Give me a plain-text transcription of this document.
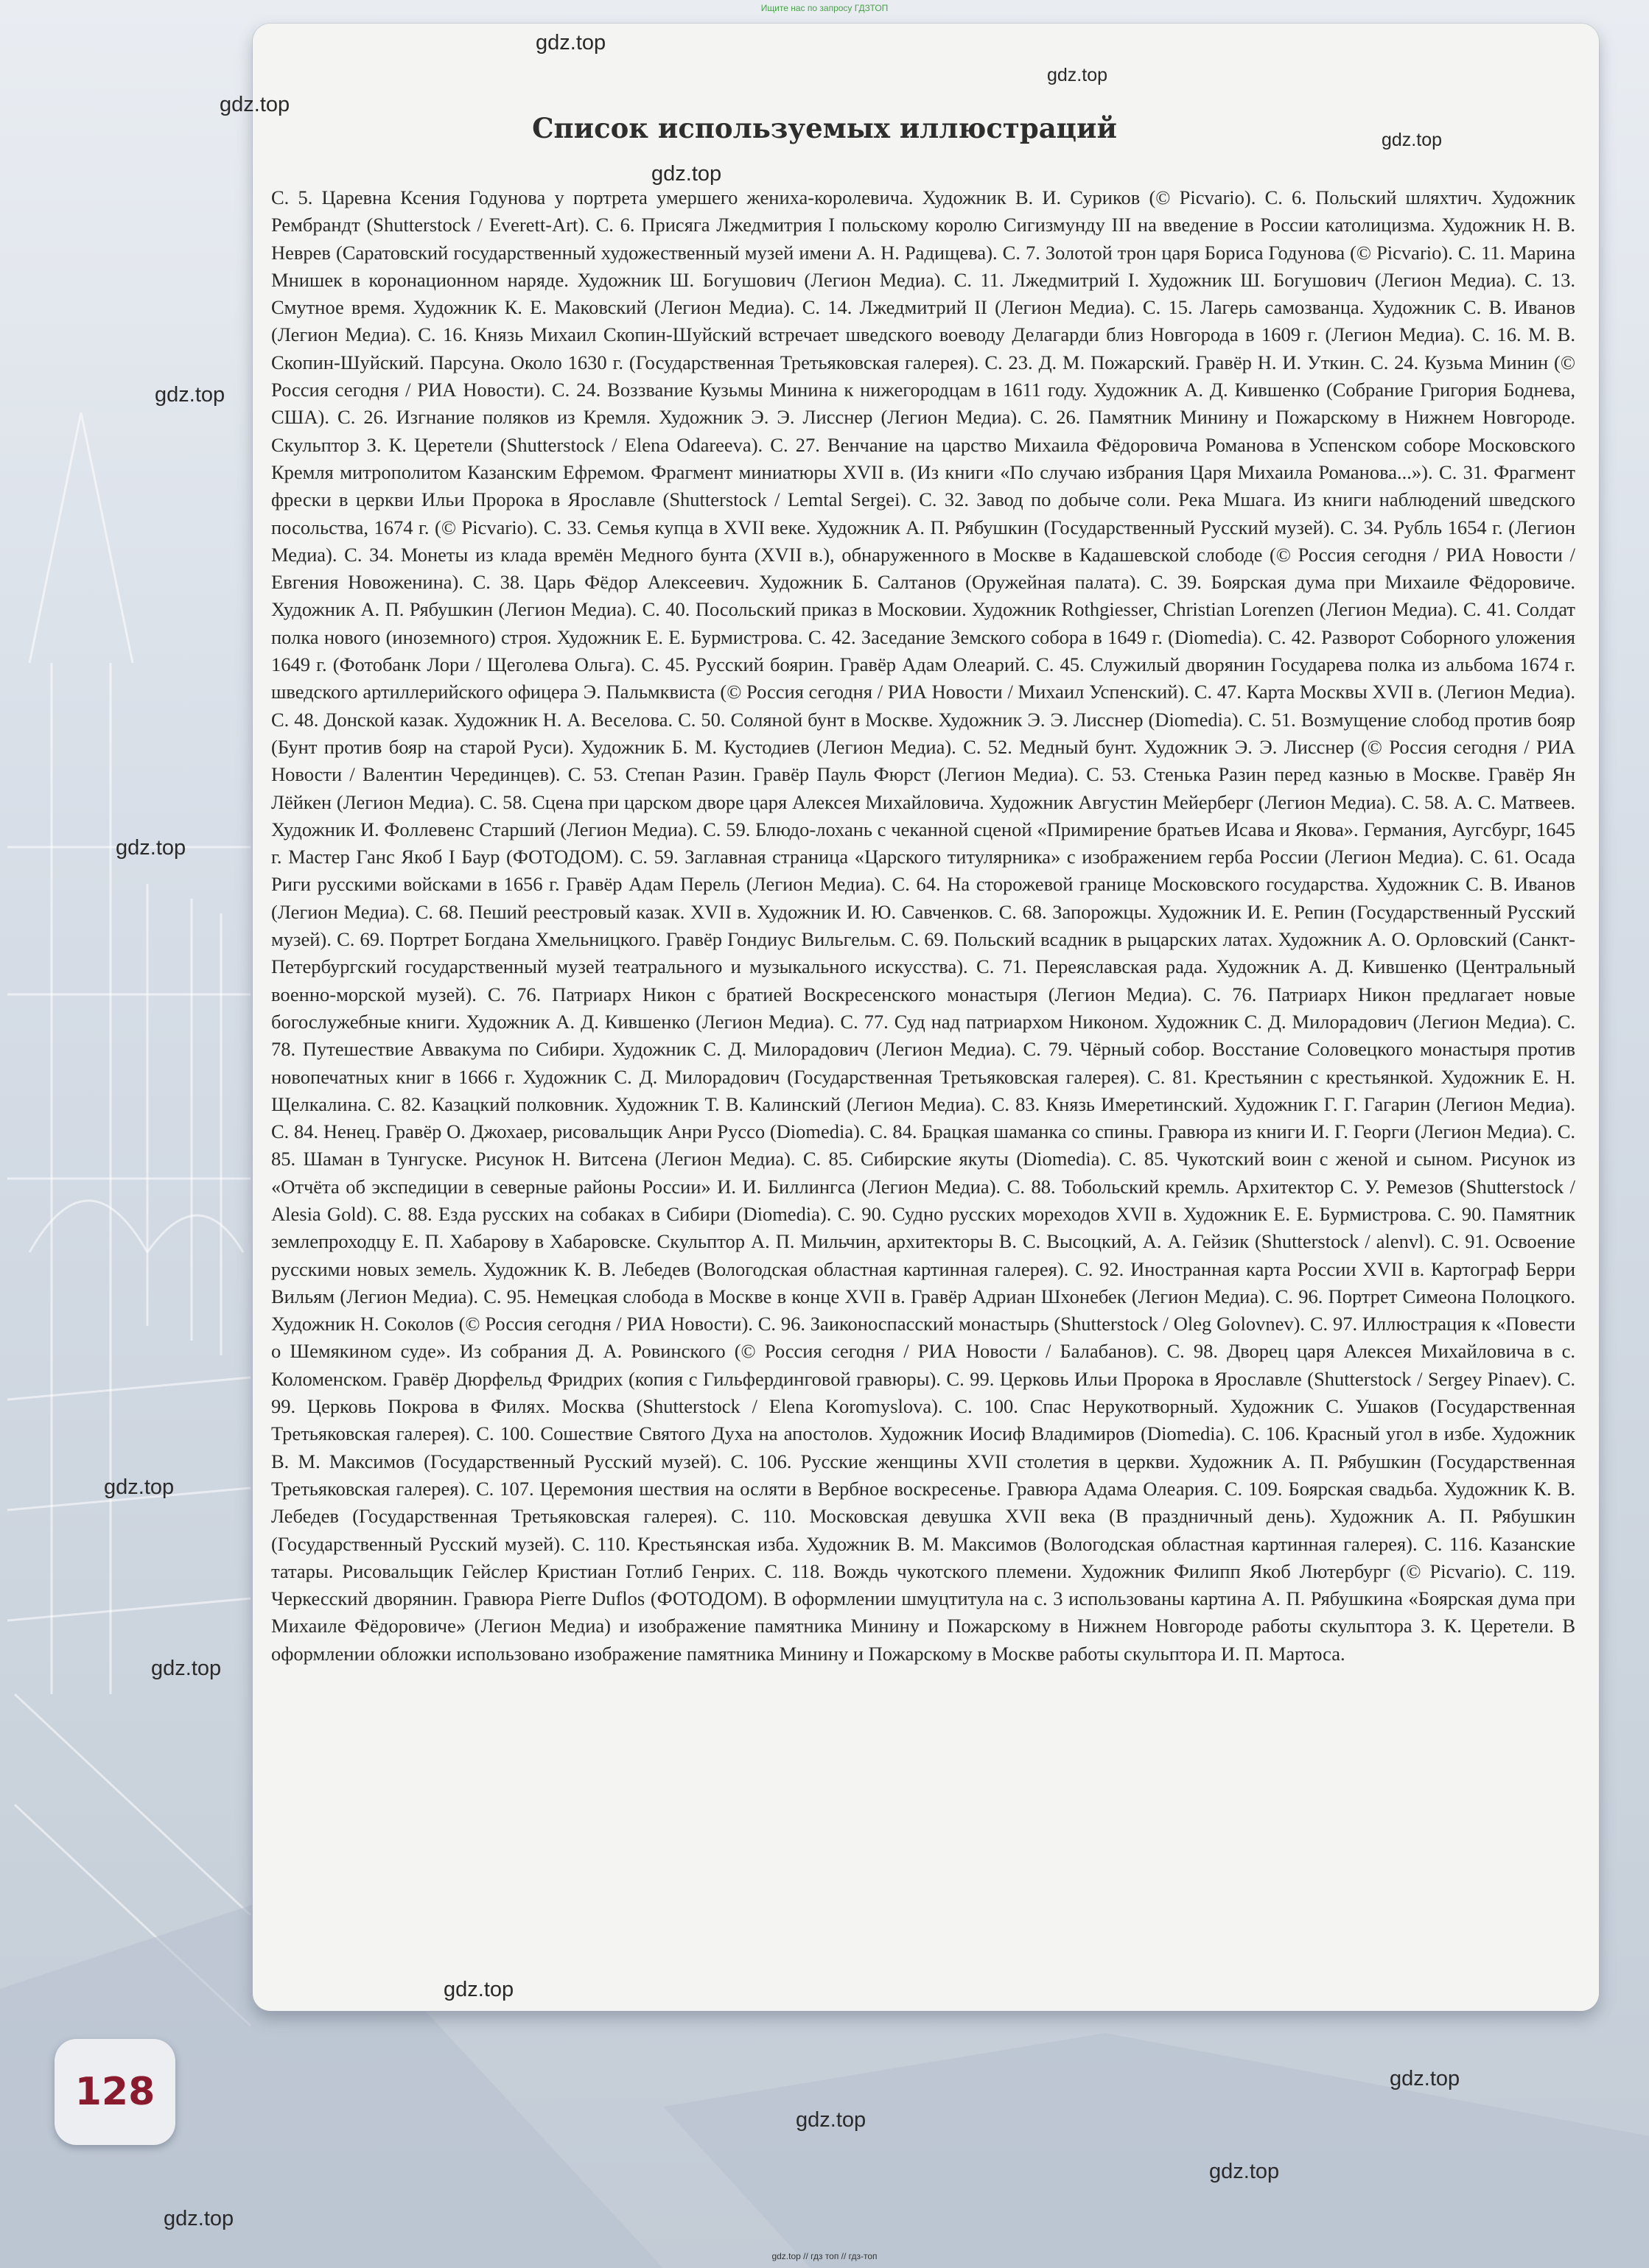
Ищите нас по запросу ГДЗТОП
Список используемых иллюстраций

С. 5. Царевна Ксения Годунова у портрета умершего жениха-королевича. Художник В. И. Суриков (© Picvario). С. 6. Польский шляхтич. Художник Рембрандт (Shutterstock / Everett-Art). С. 6. Присяга Лжедмитрия I польскому королю Сигизмунду III на введение в России католицизма. Художник Н. В. Неврев (Саратовский государственный художественный музей имени А. Н. Радищева). С. 7. Золотой трон царя Бориса Годунова (© Picvario). С. 11. Марина Мнишек в коронационном наряде. Художник Ш. Богушович (Легион Медиа). С. 11. Лжедмитрий I. Художник Ш. Богушович (Легион Медиа). С. 13. Смутное время. Художник К. Е. Маковский (Легион Медиа). С. 14. Лжедмитрий II (Легион Медиа). С. 15. Лагерь самозванца. Художник С. В. Иванов (Легион Медиа). С. 16. Князь Михаил Скопин-Шуйский встречает шведского воеводу Делагарди близ Новгорода в 1609 г. (Легион Медиа). С. 16. М. В. Скопин-Шуйский. Парсуна. Около 1630 г. (Государственная Третьяковская галерея). С. 23. Д. М. Пожарский. Гравёр Н. И. Уткин. С. 24. Кузьма Минин (© Россия сегодня / РИА Новости). С. 24. Воззвание Кузьмы Минина к нижегородцам в 1611 году. Художник А. Д. Кившенко (Собрание Григория Боднева, США). С. 26. Изгнание поляков из Кремля. Художник Э. Э. Лисснер (Легион Медиа). С. 26. Памятник Минину и Пожарскому в Нижнем Новгороде. Скульптор З. К. Церетели (Shutterstock / Elena Odareeva). С. 27. Венчание на царство Михаила Фёдоровича Романова в Успенском соборе Московского Кремля митрополитом Казанским Ефремом. Фрагмент миниатюры XVII в. (Из книги «По случаю избрания Царя Михаила Романова...»). С. 31. Фрагмент фрески в церкви Ильи Пророка в Ярославле (Shutterstock / Lemtal Sergei). С. 32. Завод по добыче соли. Река Мшага. Из книги наблюдений шведского посольства, 1674 г. (© Picvario). С. 33. Семья купца в XVII веке. Художник А. П. Рябушкин (Государственный Русский музей). С. 34. Рубль 1654 г. (Легион Медиа). С. 34. Монеты из клада времён Медного бунта (XVII в.), обнаруженного в Москве в Кадашевской слободе (© Россия сегодня / РИА Новости / Евгения Новоженина). С. 38. Царь Фёдор Алексеевич. Художник Б. Салтанов (Оружейная палата). С. 39. Боярская дума при Михаиле Фёдоровиче. Художник А. П. Рябушкин (Легион Медиа). С. 40. Посольский приказ в Московии. Художник Rothgiesser, Christian Lorenzen (Легион Медиа). С. 41. Солдат полка нового (иноземного) строя. Художник Е. Е. Бурмистрова. С. 42. Заседание Земского собора в 1649 г. (Diomedia). С. 42. Разворот Соборного уложения 1649 г. (Фотобанк Лори / Щеголева Ольга). С. 45. Русский боярин. Гравёр Адам Олеарий. С. 45. Служилый дворянин Государева полка из альбома 1674 г. шведского артиллерийского офицера Э. Пальмквиста (© Россия сегодня / РИА Новости / Михаил Успенский). С. 47. Карта Москвы XVII в. (Легион Медиа). С. 48. Донской казак. Художник Н. А. Веселова. С. 50. Соляной бунт в Москве. Художник Э. Э. Лисснер (Diomedia). С. 51. Возмущение слобод против бояр (Бунт против бояр на старой Руси). Художник Б. М. Кустодиев (Легион Медиа). С. 52. Медный бунт. Художник Э. Э. Лисснер (© Россия сегодня / РИА Новости / Валентин Черединцев). С. 53. Степан Разин. Гравёр Пауль Фюрст (Легион Медиа). С. 53. Стенька Разин перед казнью в Москве. Гравёр Ян Лёйкен (Легион Медиа). С. 58. Сцена при царском дворе царя Алексея Михайловича. Художник Августин Мейерберг (Легион Медиа). С. 58. А. С. Матвеев. Художник И. Фоллевенс Старший (Легион Медиа). С. 59. Блюдо-лохань с чеканной сценой «Примирение братьев Исава и Якова». Германия, Аугсбург, 1645 г. Мастер Ганс Якоб I Баур (ФОТОДОМ). С. 59. Заглавная страница «Царского титулярника» с изображением герба России (Легион Медиа). С. 61. Осада Риги русскими войсками в 1656 г. Гравёр Адам Перель (Легион Медиа). С. 64. На сторожевой границе Московского государства. Художник С. В. Иванов (Легион Медиа). С. 68. Пеший реестровый казак. XVII в. Художник И. Ю. Савченков. С. 68. Запорожцы. Художник И. Е. Репин (Государственный Русский музей). С. 69. Портрет Богдана Хмельницкого. Гравёр Гондиус Вильгельм. С. 69. Польский всадник в рыцарских латах. Художник А. О. Орловский (Санкт-Петербургский государственный музей театрального и музыкального искусства). С. 71. Переяславская рада. Художник А. Д. Кившенко (Центральный военно-морской музей). С. 76. Патриарх Никон с братией Воскресенского монастыря (Легион Медиа). С. 76. Патриарх Никон предлагает новые богослужебные книги. Художник А. Д. Кившенко (Легион Медиа). С. 77. Суд над патриархом Никоном. Художник С. Д. Милорадович (Легион Медиа). С. 78. Путешествие Аввакума по Сибири. Художник С. Д. Милорадович (Легион Медиа). С. 79. Чёрный собор. Восстание Соловецкого монастыря против новопечатных книг в 1666 г. Художник С. Д. Милорадович (Государственная Третьяковская галерея). С. 81. Крестьянин с крестьянкой. Художник Е. Н. Щелкалина. С. 82. Казацкий полковник. Художник Т. В. Калинский (Легион Медиа). С. 83. Князь Имеретинский. Художник Г. Г. Гагарин (Легион Медиа). С. 84. Ненец. Гравёр О. Джохаер, рисовальщик Анри Руссо (Diomedia). С. 84. Брацкая шаманка со спины. Гравюра из книги И. Г. Георги (Легион Медиа). С. 85. Шаман в Тунгуске. Рисунок Н. Витсена (Легион Медиа). С. 85. Сибирские якуты (Diomedia). С. 85. Чукотский воин с женой и сыном. Рисунок из «Отчёта об экспедиции в северные районы России» И. И. Биллингса (Легион Медиа). С. 88. Тобольский кремль. Архитектор С. У. Ремезов (Shutterstock / Alesia Gold). С. 88. Езда русских на собаках в Сибири (Diomedia). С. 90. Судно русских мореходов XVII в. Художник Е. Е. Бурмистрова. С. 90. Памятник землепроходцу Е. П. Хабарову в Хабаровске. Скульптор А. П. Мильчин, архитекторы В. С. Высоцкий, А. А. Гейзик (Shutterstock / alenvl). С. 91. Освоение русскими новых земель. Художник К. В. Лебедев (Вологодская областная картинная галерея). С. 92. Иностранная карта России XVII в. Картограф Берри Вильям (Легион Медиа). С. 95. Немецкая слобода в Москве в конце XVII в. Гравёр Адриан Шхонебек (Легион Медиа). С. 96. Портрет Симеона Полоцкого. Художник Н. Соколов (© Россия сегодня / РИА Новости). С. 96. Заиконоспасский монастырь (Shutterstock / Oleg Golovnev). С. 97. Иллюстрация к «Повести о Шемякином суде». Из собрания Д. А. Ровинского (© Россия сегодня / РИА Новости / Балабанов). С. 98. Дворец царя Алексея Михайловича в с. Коломенском. Гравёр Дюрфельд Фридрих (копия с Гильфердинговой гравюры). С. 99. Церковь Ильи Пророка в Ярославле (Shutterstock / Sergey Pinaev). С. 99. Церковь Покрова в Филях. Москва (Shutterstock / Elena Koromyslova). С. 100. Спас Нерукотворный. Художник С. Ушаков (Государственная Третьяковская галерея). С. 100. Сошествие Святого Духа на апостолов. Художник Иосиф Владимиров (Diomedia). С. 106. Красный угол в избе. Художник В. М. Максимов (Государственный Русский музей). С. 106. Русские женщины XVII столетия в церкви. Художник А. П. Рябушкин (Государственная Третьяковская галерея). С. 107. Церемония шествия на осляти в Вербное воскресенье. Гравюра Адама Олеария. С. 109. Боярская свадьба. Художник К. В. Лебедев (Государственная Третьяковская галерея). С. 110. Московская девушка XVII века (В праздничный день). Художник А. П. Рябушкин (Государственный Русский музей). С. 110. Крестьянская изба. Художник В. М. Максимов (Вологодская областная картинная галерея). С. 116. Казанские татары. Рисовальщик Гейслер Кристиан Готлиб Генрих. С. 118. Вождь чукотского племени. Художник Филипп Якоб Лютербург (© Picvario). С. 119. Черкесский дворянин. Гравюра Pierre Duflos (ФОТОДОМ). В оформлении шмуцтитула на с. 3 использованы картина А. П. Рябушкина «Боярская дума при Михаиле Фёдоровиче» (Легион Медиа) и изображение памятника Минину и Пожарскому в Нижнем Новгороде работы скульптора З. К. Церетели. В оформлении обложки использовано изображение памятника Минину и Пожарскому в Москве работы скульптора И. П. Мартоса.

128
gdz.top
gdz.top
gdz.top
gdz.top
gdz.top
gdz.top
gdz.top
gdz.top
gdz.top
gdz.top
gdz.top
gdz.top
gdz.top
gdz.top
gdz.top // гдз топ // гдз-топ
